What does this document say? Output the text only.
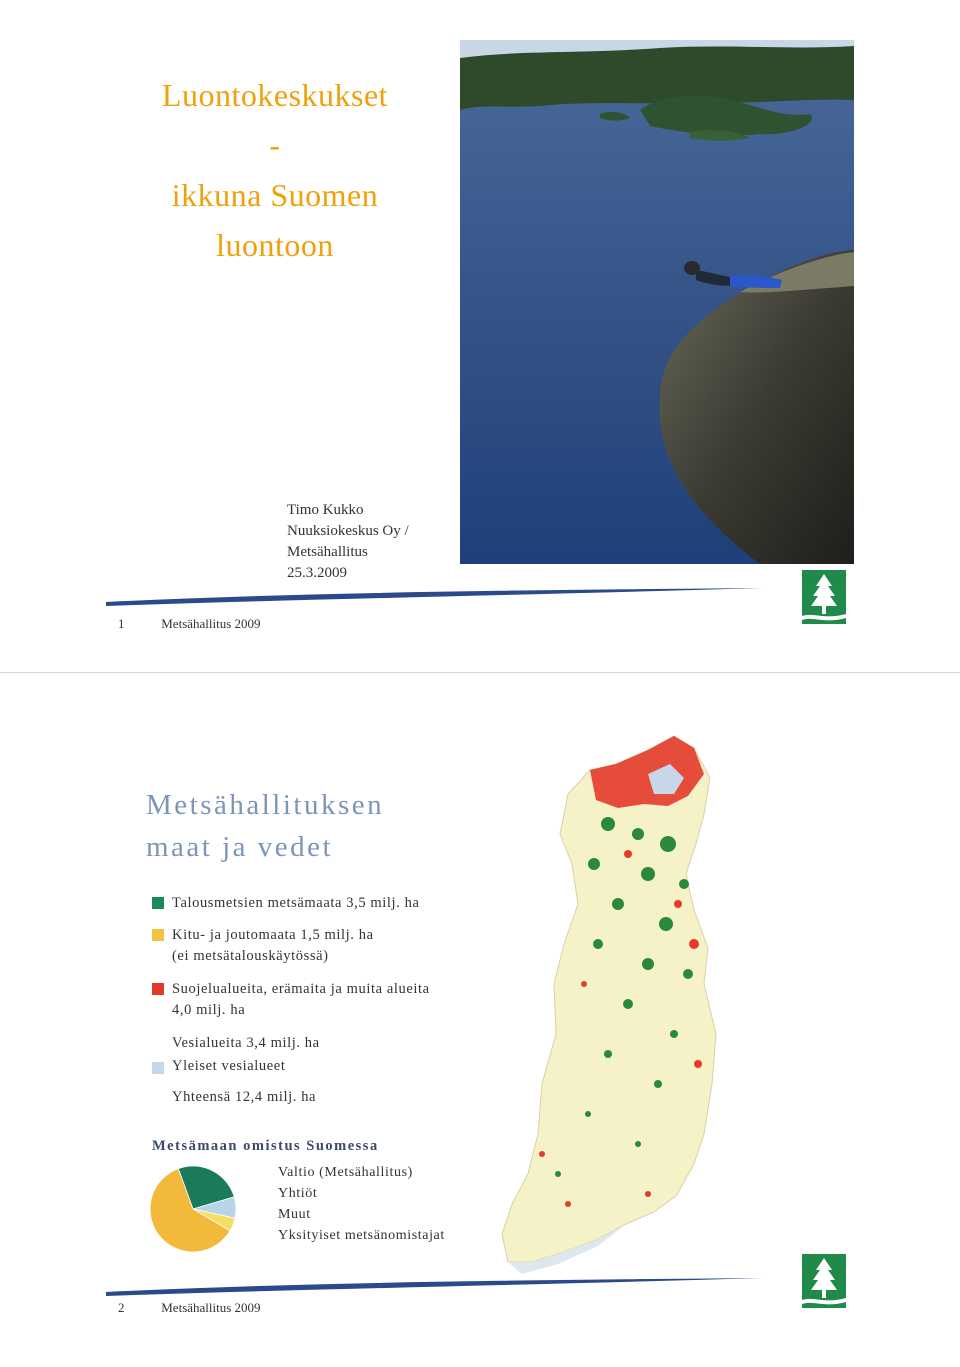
Luontokeskukset
-
ikkuna Suomen
luontoon
Timo Kukko
Nuuksiokeskus Oy /
Metsähallitus
25.3.2009
1	Metsähallitus 2009
Metsähallituksen
maat ja vedet
Talousmetsien metsämaata 3,5 milj. ha
Kitu- ja joutomaata 1,5 milj. ha
(ei metsätalouskäytössä)
Suojelualueita, erämaita ja muita alueita
4,0 milj. ha
Vesialueita 3,4 milj. ha
Yleiset vesialueet
Yhteensä 12,4 milj. ha
Metsämaan omistus Suomessa
Valtio (Metsähallitus)
Yhtiöt
Muut
Yksityiset metsänomistajat
2	Metsähallitus 2009
